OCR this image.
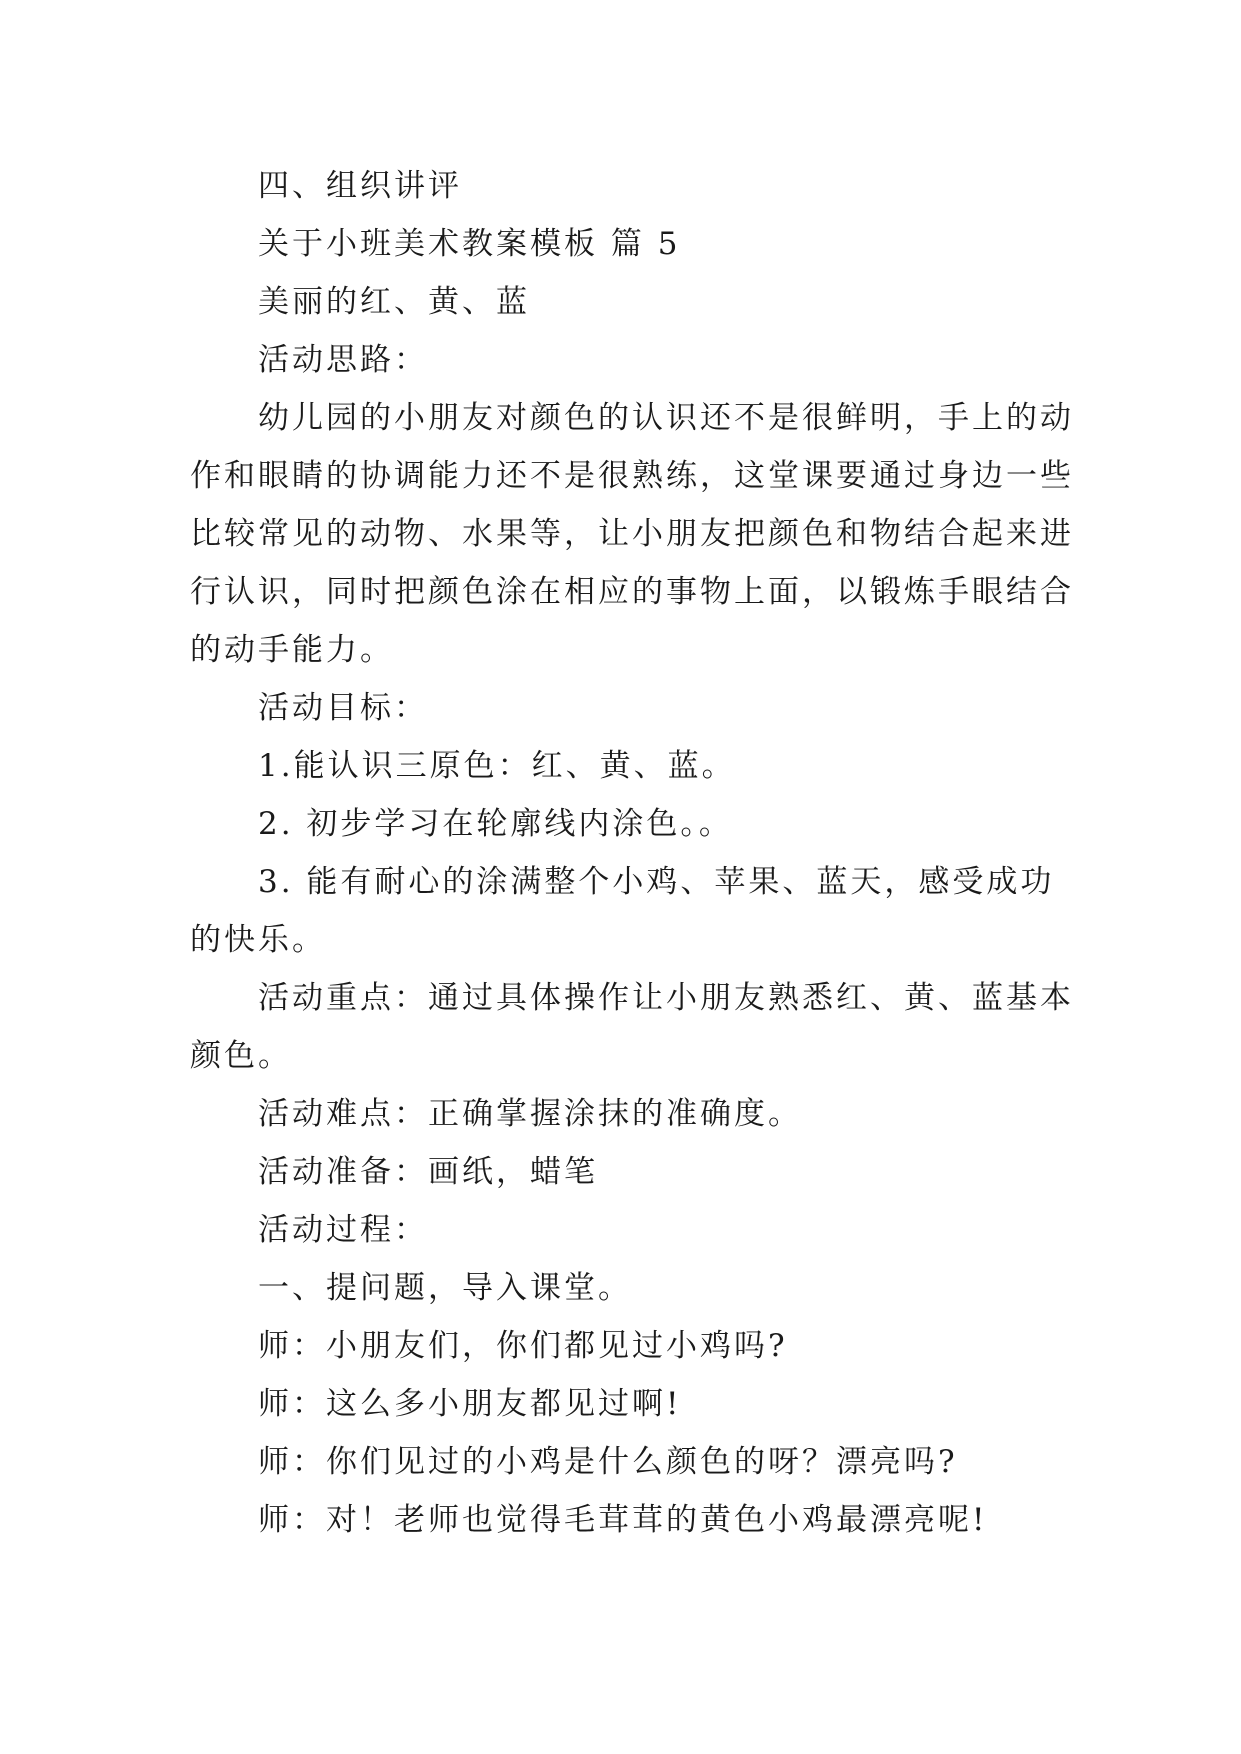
四、组织讲评
关于小班美术教案模板 篇 5
美丽的红、黄、蓝
活动思路：
幼儿园的小朋友对颜色的认识还不是很鲜明，手上的动
作和眼睛的协调能力还不是很熟练，这堂课要通过身边一些
比较常见的动物、水果等，让小朋友把颜色和物结合起来进
行认识，同时把颜色涂在相应的事物上面，以锻炼手眼结合
的动手能力。
活动目标：
1.能认识三原色：红、黄、蓝。
2. 初步学习在轮廓线内涂色。。
3. 能有耐心的涂满整个小鸡、苹果、蓝天，感受成功
的快乐。
活动重点：通过具体操作让小朋友熟悉红、黄、蓝基本
颜色。
活动难点：正确掌握涂抹的准确度。
活动准备：画纸，蜡笔
活动过程：
一、提问题，导入课堂。
师：小朋友们，你们都见过小鸡吗?
师：这么多小朋友都见过啊!
师：你们见过的小鸡是什么颜色的呀？漂亮吗?
师：对！老师也觉得毛茸茸的黄色小鸡最漂亮呢!
